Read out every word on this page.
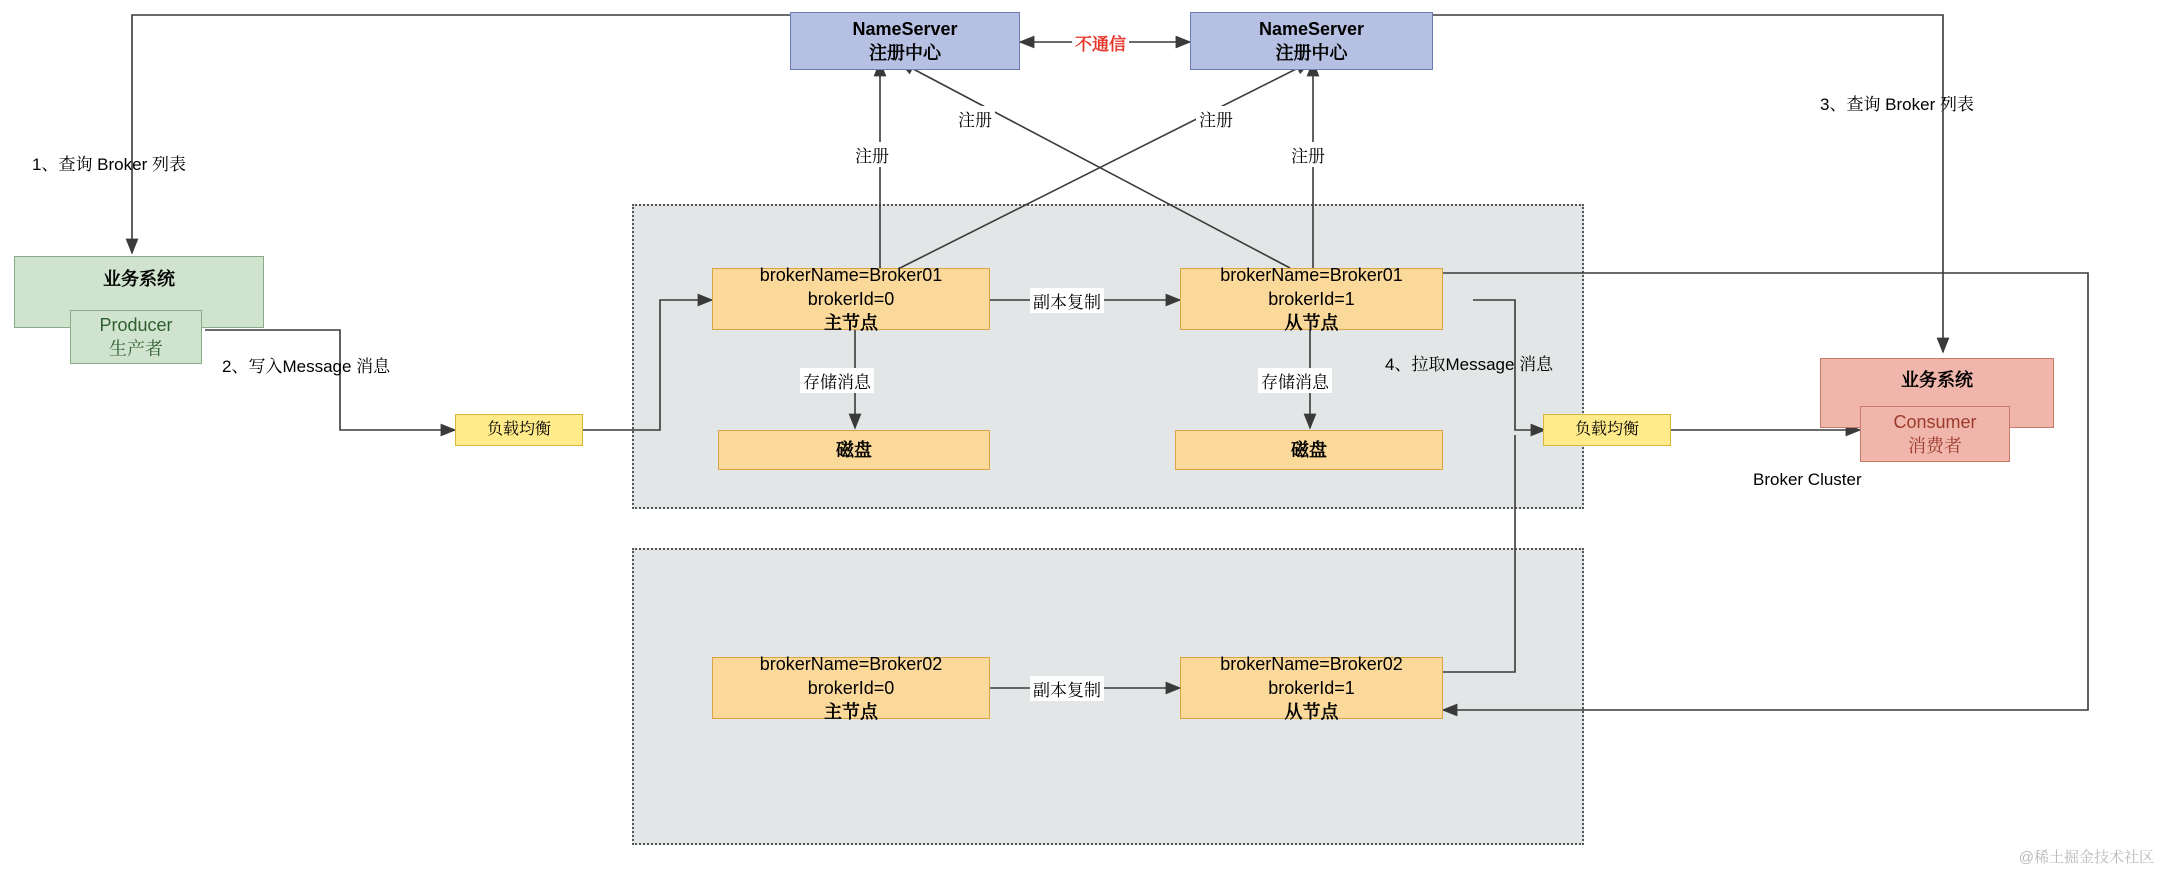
NameServer
注册中心
NameServer
注册中心
不通信
注册
注册	注册
注册
1、查询 Broker 列表
2、写入Message 消息
3、查询 Broker 列表
4、拉取Message 消息
业务系统
Producer
生产者
业务系统
Consumer
消费者
负载均衡	负载均衡
brokerName=Broker01
brokerId=0
主节点
brokerName=Broker01
brokerId=1
从节点
brokerName=Broker02
brokerId=0
主节点
brokerName=Broker02
brokerId=1
从节点
副本复制
副本复制
存储消息	存储消息
磁盘	磁盘
Broker Cluster
@稀土掘金技术社区
